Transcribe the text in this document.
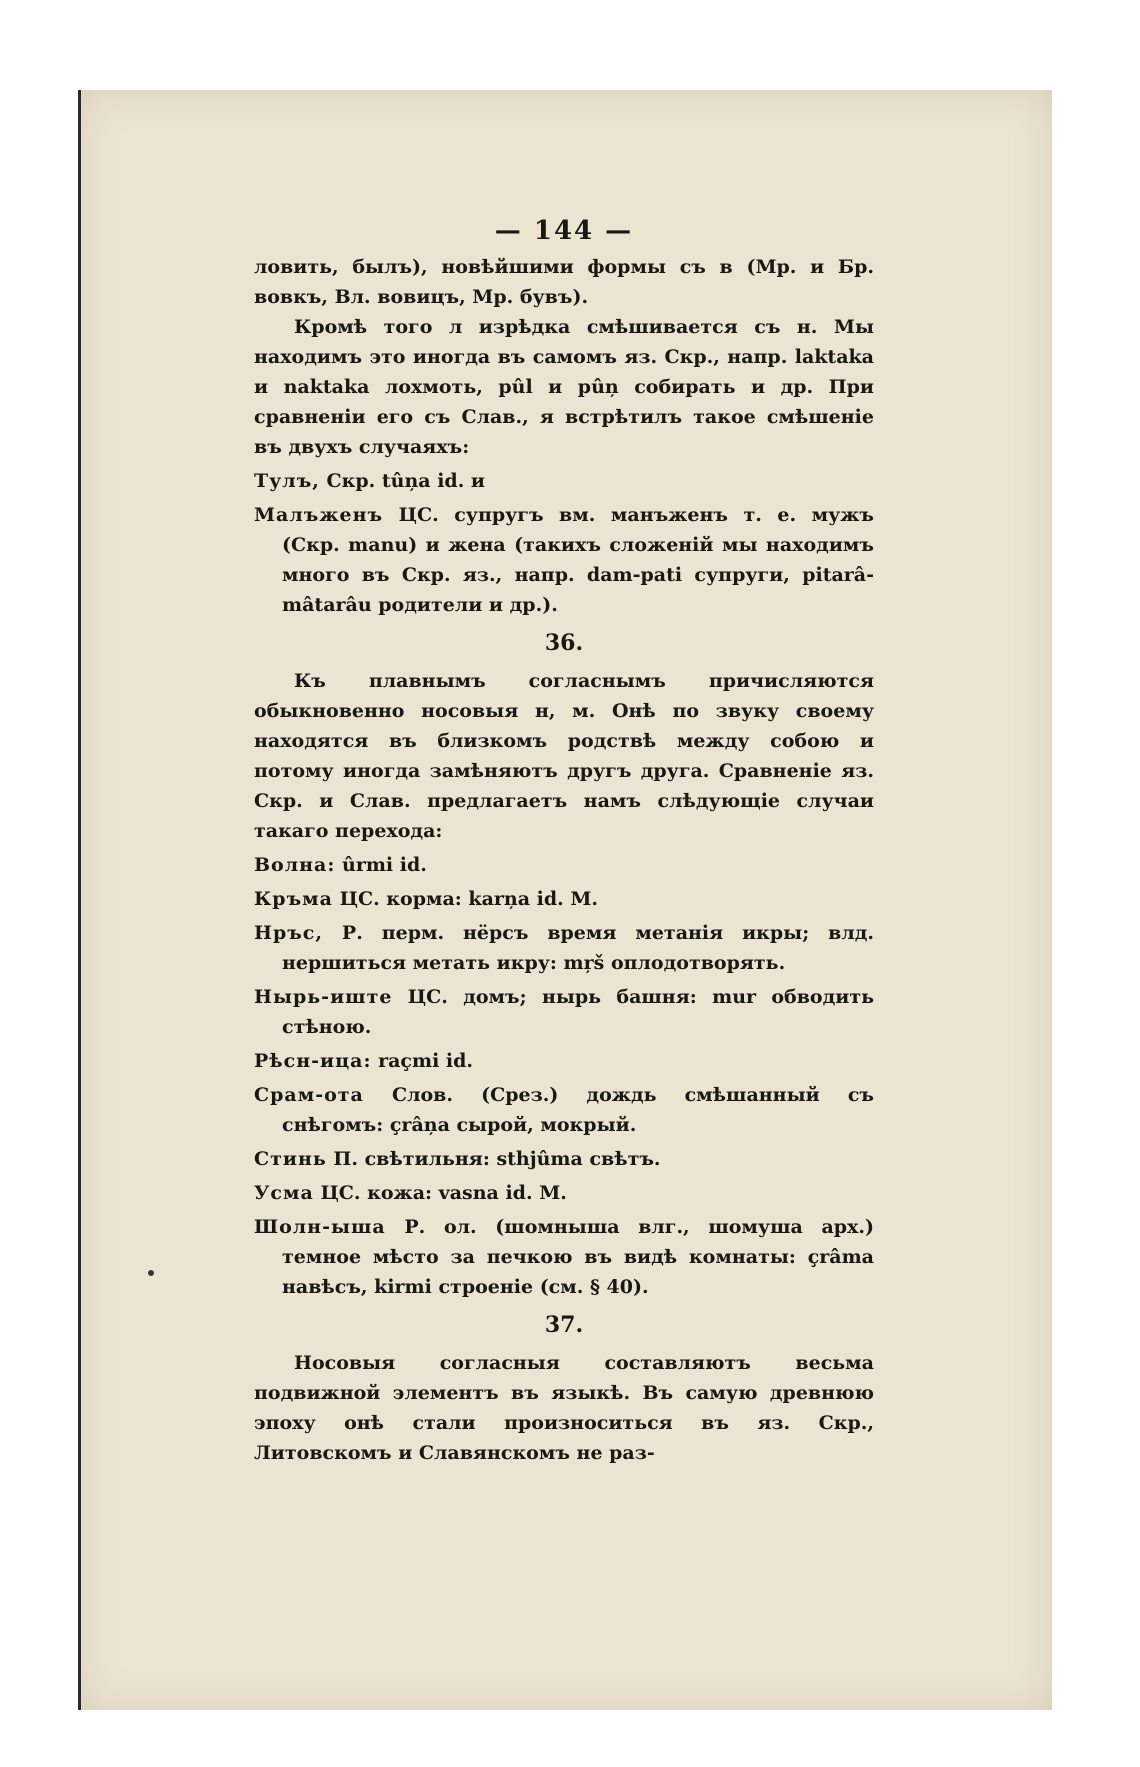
— 144 —

ловить, былъ), новѣйшими формы съ в (Мр. и Бр. вовкъ, Вл. вовицъ, Мр. бувъ).

Кромѣ того л изрѣдка смѣшивается съ н. Мы находимъ это иногда въ самомъ яз. Скр., напр. laktaka и naktaka лохмоть, pûl и pûņ собирать и др. При сравненіи его съ Слав., я встрѣтилъ такое смѣшеніе въ двухъ случаяхъ:

Тулъ, Скр. tûņa id. и
Малъженъ ЦС. супругъ вм. манъженъ т. е. мужъ (Скр. manu) и жена (такихъ сложеній мы находимъ много въ Скр. яз., напр. dam-pati супруги, pitarâ-mâtarâu родители и др.).
36.

Къ плавнымъ согласнымъ причисляются обыкновенно носовыя н, м. Онѣ по звуку своему находятся въ близкомъ родствѣ между собою и потому иногда замѣняютъ другъ друга. Сравненіе яз. Скр. и Слав. предлагаетъ намъ слѣдующіе случаи такаго перехода:

Волна: ûrmi id.
Кръма ЦС. корма: karņa id. М.
Нръс, Р. перм. нёрсъ время метанія икры; влд. нершиться метать икру: mŗš оплодотворять.
Нырь-иште ЦС. домъ; нырь башня: mur обводить стѣною.
Рѣсн-ица: raçmi id.
Срам-ота Слов. (Срез.) дождь смѣшанный съ снѣгомъ: çrâņa сырой, мокрый.
Стинь П. свѣтильня: sthjûma свѣтъ.
Усма ЦС. кожа: vasna id. М.
Шолн-ыша Р. ол. (шомныша влг., шомуша арх.) темное мѣсто за печкою въ видѣ комнаты: çrâma навѣсъ, kirmi строеніе (см. § 40).
37.

Носовыя согласныя составляютъ весьма подвижной элементъ въ языкѣ. Въ самую древнюю эпоху онѣ стали произноситься въ яз. Скр., Литовскомъ и Славянскомъ не раз-
